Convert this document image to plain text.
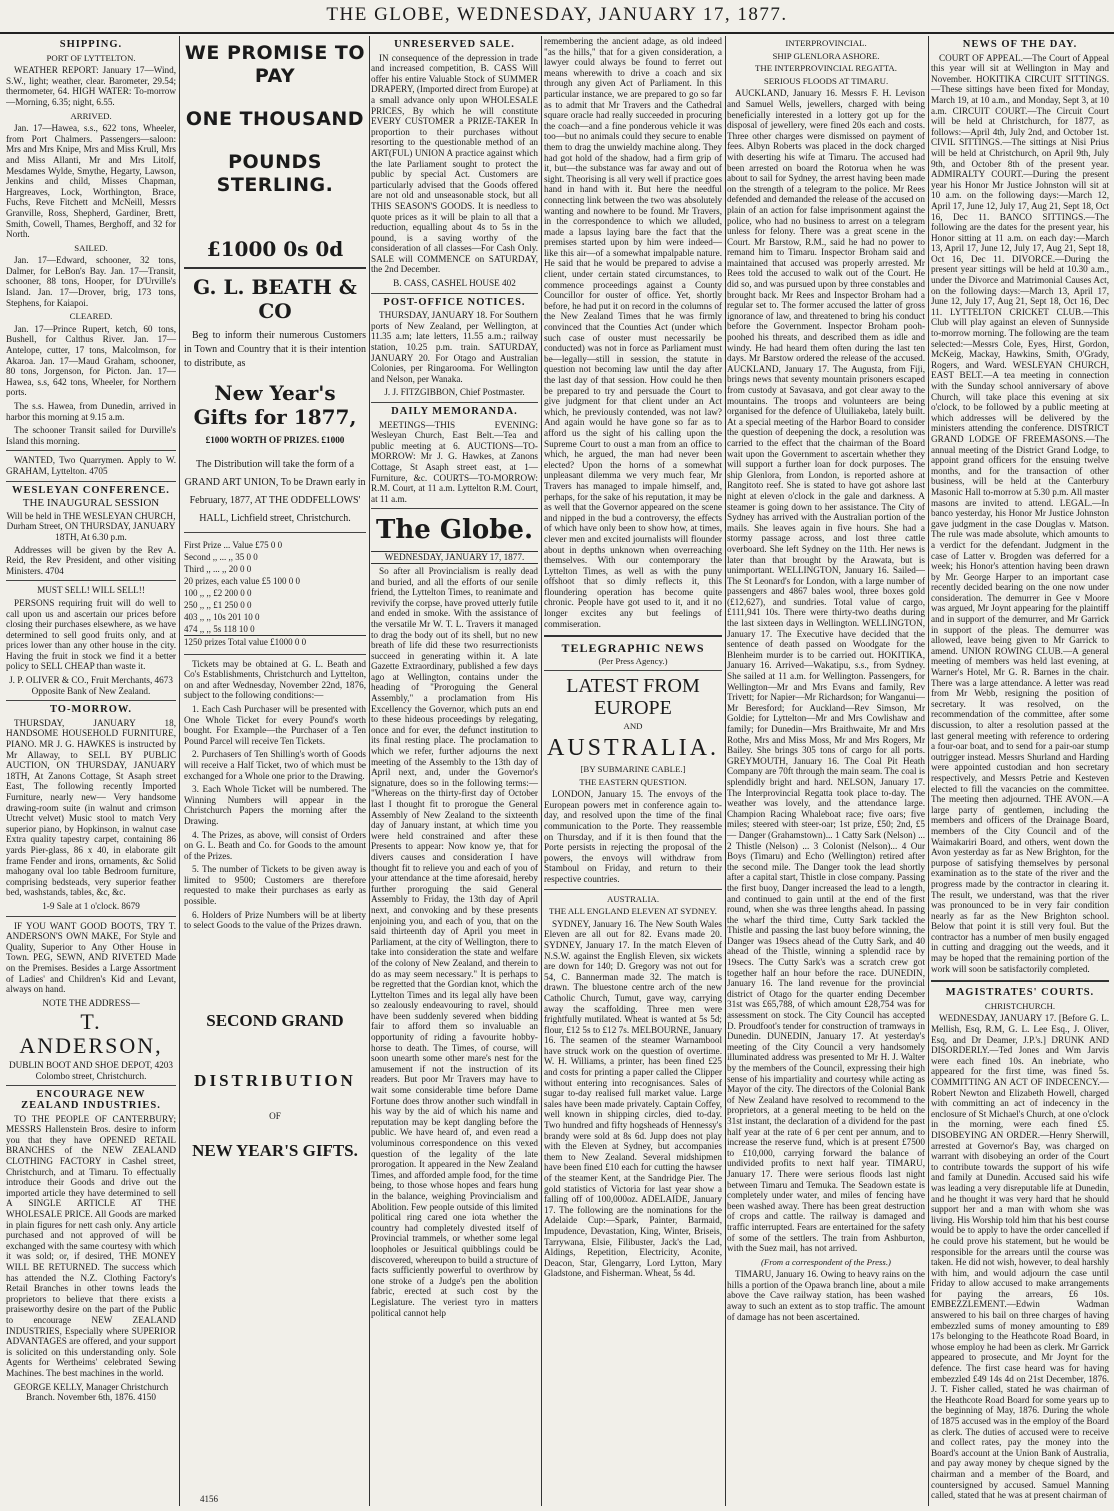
THE GLOBE, WEDNESDAY, JANUARY 17, 1877.
SHIPPING.
PORT OF LYTTELTON.

WEATHER REPORT: January 17—Wind, S.W., light; weather, clear. Barometer, 29.54; thermometer, 64. HIGH WATER: To-morrow—Morning, 6.35; night, 6.55.

ARRIVED.

Jan. 17—Hawea, s.s., 622 tons, Wheeler, from Port Chalmers. Passengers—saloon: Mrs and Mrs Knipe, Mrs and Miss Krull, Mrs and Miss Allanti, Mr and Mrs Litolf, Mesdames Wylde, Smythe, Hegarty, Lawson, Jenkins and child, Misses Chapman, Hargreaves, Lock, Worthington, Brace, Fuchs, Reve Fitchett and McNeill, Messrs Granville, Ross, Shepherd, Gardiner, Brett, Smith, Cowell, Thames, Berghoff, and 32 for North.

SAILED.

Jan. 17—Edward, schooner, 32 tons, Dalmer, for LeBon's Bay. Jan. 17—Transit, schooner, 88 tons, Hooper, for D'Urville's Island. Jan. 17—Drover, brig, 173 tons, Stephens, for Kaiapoi.

CLEARED.

Jan. 17—Prince Rupert, ketch, 60 tons, Bushell, for Calthus River. Jan. 17—Antelope, cutter, 17 tons, Malcolmson, for Akaroa. Jan. 17—Maud Graham, schooner, 80 tons, Jorgenson, for Picton. Jan. 17—Hawea, s.s, 642 tons, Wheeler, for Northern ports.

The s.s. Hawea, from Dunedin, arrived in harbor this morning at 9.15 a.m.

The schooner Transit sailed for Durville's Island this morning.

WANTED, Two Quarrymen. Apply to W. GRAHAM, Lyttelton. 4705

WESLEYAN CONFERENCE.
THE INAUGURAL SESSION
Will be held in THE WESLEYAN CHURCH, Durham Street, ON THURSDAY, JANUARY 18TH, At 6.30 p.m.

Addresses will be given by the Rev A. Reid, the Rev President, and other visiting Ministers. 4704

MUST SELL! WILL SELL!!

PERSONS requiring fruit will do well to call upon us and ascertain our prices before closing their purchases elsewhere, as we have determined to sell good fruits only, and at prices lower than any other house in the city. Having the fruit in stock we find it a better policy to SELL CHEAP than waste it.

J. P. OLIVER & CO., Fruit Merchants, 4673 Opposite Bank of New Zealand.
TO-MORROW.

THURSDAY, JANUARY 18, HANDSOME HOUSEHOLD FURNITURE, PIANO. MR J. G. HAWKES is instructed by Mr Allaway, to SELL BY PUBLIC AUCTION, ON THURSDAY, JANUARY 18TH, At Zanons Cottage, St Asaph street East, The following recently Imported Furniture, nearly new— Very handsome drawing-room suite (in walnut and crimson Utrecht velvet) Music stool to match Very superior piano, by Hopkinson, in walnut case Extra quality tapestry carpet, containing 86 yards Pier-glass, 86 x 40, in elaborate gilt frame Fender and irons, ornaments, &c Solid mahogany oval loo table Bedroom furniture, comprising bedsteads, very superior feather bed, washstands, tables, &c, &c.

1-9 Sale at 1 o'clock. 8679

IF YOU WANT GOOD BOOTS, TRY T. ANDERSON'S OWN MAKE, For Style and Quality, Superior to Any Other House in Town. PEG, SEWN, AND RIVETED Made on the Premises. Besides a Large Assortment of Ladies' and Children's Kid and Levant, always on hand.

NOTE THE ADDRESS—
T. ANDERSON,
DUBLIN BOOT AND SHOE DEPOT, 4203 Colombo street, Christchurch.
ENCOURAGE NEW ZEALAND INDUSTRIES.

TO THE PEOPLE OF CANTERBURY; MESSRS Hallenstein Bros. desire to inform you that they have OPENED RETAIL BRANCHES of the NEW ZEALAND CLOTHING FACTORY in Cashel street, Christchurch, and at Timaru. To effectually introduce their Goods and drive out the imported article they have determined to sell A SINGLE ARTICLE AT THE WHOLESALE PRICE. All Goods are marked in plain figures for nett cash only. Any article purchased and not approved of will be exchanged with the same courtesy with which it was sold; or, if desired, THE MONEY WILL BE RETURNED. The success which has attended the N.Z. Clothing Factory's Retail Branches in other towns leads the proprietors to believe that there exists a praiseworthy desire on the part of the Public to encourage NEW ZEALAND INDUSTRIES, Especially where SUPERIOR ADVANTAGES are offered, and your support is solicited on this understanding only. Sole Agents for Wertheims' celebrated Sewing Machines. The best machines in the world.

GEORGE KELLY, Manager Christchurch Branch. November 6th, 1876. 4150
WE PROMISE TO PAY
ONE THOUSAND
POUNDS STERLING.
£1000 0s 0d
G. L. BEATH & CO

Beg to inform their numerous Customers in Town and Country that it is their intention to distribute, as

New Year's Gifts for 1877,
£1000 WORTH OF PRIZES. £1000
The Distribution will take the form of a GRAND ART UNION, To be Drawn early in February, 1877, AT THE ODDFELLOWS' HALL, Lichfield street, Christchurch.
First Prize ... Value £75 0 0
Second ,, ... ,, 35 0 0
Third ,, ... ,, 20 0 0
20 prizes, each value £5 100 0 0
100 ,, ,, £2 200 0 0
250 ,, ,, £1 250 0 0
403 ,, ,, 10s 201 10 0
474 ,, ,, 5s 118 10 0
1250 prizes Total value £1000 0 0

Tickets may be obtained at G. L. Beath and Co's Establishments, Christchurch and Lyttelton, on and after Wednesday, November 22nd, 1876, subject to the following conditions:—

1. Each Cash Purchaser will be presented with One Whole Ticket for every Pound's worth bought. For Example—the Purchaser of a Ten Pound Parcel will receive Ten Tickets.

2. Purchasers of Ten Shilling's worth of Goods will receive a Half Ticket, two of which must be exchanged for a Whole one prior to the Drawing.

3. Each Whole Ticket will be numbered. The Winning Numbers will appear in the Christchurch Papers the morning after the Drawing.

4. The Prizes, as above, will consist of Orders on G. L. Beath and Co. for Goods to the amount of the Prizes.

5. The number of Tickets to be given away is limited to 9500; Customers are therefore requested to make their purchases as early as possible.

6. Holders of Prize Numbers will be at liberty to select Goods to the value of the Prizes drawn.

SECOND GRAND
DISTRIBUTION
OF
NEW YEAR'S GIFTS.
UNRESERVED SALE.

IN consequence of the depression in trade and increased competition, B. CASS Will offer his entire Valuable Stock of SUMMER DRAPERY, (Imported direct from Europe) at a small advance only upon WHOLESALE PRICES, By which he will constitute EVERY CUSTOMER a PRIZE-TAKER In proportion to their purchases without resorting to the questionable method of an ART(FUL) UNION A practice against which the late Parliament sought to protect the public by special Act. Customers are particularly advised that the Goods offered are not old and unseasonable stock, but all THIS SEASON'S GOODS. It is needless to quote prices as it will be plain to all that a reduction, equalling about 4s to 5s in the pound, is a saving worthy of the consideration of all classes—For Cash Only. SALE will COMMENCE on SATURDAY, the 2nd December.

B. CASS, CASHEL HOUSE 402
POST-OFFICE NOTICES.

THURSDAY, JANUARY 18. For Southern ports of New Zealand, per Wellington, at 11.35 a.m; late letters, 11.55 a.m.; railway station, 10.25 p.m. train. SATURDAY, JANUARY 20. For Otago and Australian Colonies, per Ringarooma. For Wellington and Nelson, per Wanaka.

J. J. FITZGIBBON, Chief Postmaster.
DAILY MEMORANDA.

MEETINGS—THIS EVENING: Wesleyan Church, East Belt.—Tea and public meeting at 6. AUCTIONS—TO-MORROW: Mr J. G. Hawkes, at Zanons Cottage, St Asaph street east, at 1—Furniture, &c. COURTS—TO-MORROW: R.M. Court, at 11 a.m. Lyttelton R.M. Court, at 11 a.m.

The Globe.
WEDNESDAY, JANUARY 17, 1877.

So after all Provincialism is really dead and buried, and all the efforts of our senile friend, the Lyttelton Times, to reanimate and revivify the corpse, have proved utterly futile and ended in smoke. With the assistance of the versatile Mr W. T. L. Travers it managed to drag the body out of its shell, but no new breath of life did these two resurrectionists succeed in generating within it. A late Gazette Extraordinary, published a few days ago at Wellington, contains under the heading of "Proroguing the General Assembly," a proclamation from His Excellency the Governor, which puts an end to these hideous proceedings by relegating, once and for ever, the defunct institution to its final resting place. The proclamation to which we refer, further adjourns the next meeting of the Assembly to the 13th day of April next, and, under the Governor's signature, does so in the following terms:— "Whereas on the thirty-first day of October last I thought fit to prorogue the General Assembly of New Zealand to the sixteenth day of January instant, at which time you were held constrained and after these Presents to appear: Now know ye, that for divers causes and consideration I have thought fit to relieve you and each of you of your attendance at the time aforesaid, hereby further proroguing the said General Assembly to Friday, the 13th day of April next, and convoking and by these presents enjoining you, and each of you, that on the said thirteenth day of April you meet in Parliament, at the city of Wellington, there to take into consideration the state and welfare of the colony of New Zealand, and therein to do as may seem necessary." It is perhaps to be regretted that the Gordian knot, which the Lyttelton Times and its legal ally have been so zealously endeavouring to ravel, should have been suddenly severed when bidding fair to afford them so invaluable an opportunity of riding a favourite hobby-horse to death. The Times, of course, will soon unearth some other mare's nest for the amusement if not the instruction of its readers. But poor Mr Travers may have to wait some considerable time before Dame Fortune does throw another such windfall in his way by the aid of which his name and reputation may be kept dangling before the public. We have heard of, and even read a voluminous correspondence on this vexed question of the legality of the late prorogation. It appeared in the New Zealand Times, and afforded ample food, for the time being, to those whose hopes and fears hung in the balance, weighing Provincialism and Abolition. Few people outside of this limited political ring cared one iota whether the country had completely divested itself of Provincial trammels, or whether some legal loopholes or Jesuitical quibblings could be discovered, whereupon to build a structure of facts sufficiently powerful to overthrow by one stroke of a Judge's pen the abolition fabric, erected at such cost by the Legislature. The veriest tyro in matters political cannot help

remembering the ancient adage, as old indeed "as the hills," that for a given consideration, a lawyer could always be found to ferret out means wherewith to drive a coach and six through any given Act of Parliament. In this particular instance, we are prepared to go so far as to admit that Mr Travers and the Cathedral square oracle had really succeeded in procuring the coach—and a fine ponderous vehicle it was too—but no animals could they secure to enable them to drag the unwieldy machine along. They had got hold of the shadow, had a firm grip of it, but—the substance was far away and out of sight. Theorising is all very well if practice goes hand in hand with it. But here the needful connecting link between the two was absolutely wanting and nowhere to be found. Mr Travers, in the correspondence to which we alluded, made a lapsus laying bare the fact that the premises started upon by him were indeed—like this air—of a somewhat impalpable nature. He said that he would be prepared to advise a client, under certain stated circumstances, to commence proceedings against a County Councillor for ouster of office. Yet, shortly before, he had put it on record in the columns of the New Zealand Times that he was firmly convinced that the Counties Act (under which such case of ouster must necessarily be conducted) was not in force as Parliament must be—legally—still in session, the statute in question not becoming law until the day after the last day of that session. How could he then be prepared to try and persuade the Court to give judgment for that client under an Act which, he previously contended, was not law? And again would he have gone so far as to afford us the sight of his calling upon the Supreme Court to oust a man from an office to which, he argued, the man had never been elected? Upon the horns of a somewhat unpleasant dilemma we very much fear, Mr Travers has managed to impale himself, and, perhaps, for the sake of his reputation, it may be as well that the Governor appeared on the scene and nipped in the bud a controversy, the effects of which have only been to show how, at times, clever men and excited journalists will flounder about in depths unknown when overreaching themselves. With our contemporary the Lyttelton Times, as well as with the puny offshoot that so dimly reflects it, this floundering operation has become quite chronic. People have got used to it, and it no longer excites any but feelings of commiseration.

TELEGRAPHIC NEWS
(Per Press Agency.)
LATEST FROM EUROPE
AND
AUSTRALIA.
[BY SUBMARINE CABLE.]
THE EASTERN QUESTION.

LONDON, January 15. The envoys of the European powers met in conference again to-day, and resolved upon the time of the final communication to the Porte. They reassemble on Thursday, and if it is then found that the Porte persists in rejecting the proposal of the powers, the envoys will withdraw from Stamboul on Friday, and return to their respective countries.

AUSTRALIA.
THE ALL ENGLAND ELEVEN AT SYDNEY.

SYDNEY, January 16. The New South Wales Eleven are all out for 82. Evans made 20. SYDNEY, January 17. In the match Eleven of N.S.W. against the English Eleven, six wickets are down for 140; D. Gregory was not out for 54, C. Bannerman made 32. The match is drawn. The bluestone centre arch of the new Catholic Church, Tumut, gave way, carrying away the scaffolding. Three men were frightfully mutilated. Wheat is wanted at 5s 5d; flour, £12 5s to £12 7s. MELBOURNE, January 16. The seamen of the steamer Warnambool have struck work on the question of overtime. W. H. Williams, a printer, has been fined £25 and costs for printing a paper called the Clipper without entering into recognisances. Sales of sugar to-day realised full market value. Large sales have been made privately. Captain Coffey, well known in shipping circles, died to-day. Two hundred and fifty hogsheads of Hennessy's brandy were sold at 8s 6d. Jupp does not play with the Eleven at Sydney, but accompanies them to New Zealand. Several midshipmen have been fined £10 each for cutting the hawser of the steamer Kent, at the Sandridge Pier. The gold statistics of Victoria for last year show a falling off of 100,000oz. ADELAIDE, January 17. The following are the nominations for the Adelaide Cup:—Spark, Painter, Barmaid, Impudence, Devastation, King, Winter, Briseis, Tarrywana, Elsie, Filibuster, Jack's the Lad, Aldings, Repetition, Electricity, Aconite, Deacon, Star, Glengarry, Lord Lytton, Mary Gladstone, and Fisherman. Wheat, 5s 4d.

INTERPROVINCIAL.
SHIP GLENLORA ASHORE.
THE INTERPROVINCIAL REGATTA.
SERIOUS FLOODS AT TIMARU.

AUCKLAND, January 16. Messrs F. H. Levison and Samuel Wells, jewellers, charged with being beneficially interested in a lottery got up for the disposal of jewellery, were fined 20s each and costs. Three other charges were dismissed on payment of fees. Albyn Roberts was placed in the dock charged with deserting his wife at Timaru. The accused had been arrested on board the Rotorua when he was about to sail for Sydney, the arrest having been made on the strength of a telegram to the police. Mr Rees defended and demanded the release of the accused on plain of an action for false imprisonment against the police, who had no business to arrest on a telegram unless for felony. There was a great scene in the Court. Mr Barstow, R.M., said he had no power to remand him to Timaru. Inspector Broham said and maintained that accused was properly arrested. Mr Rees told the accused to walk out of the Court. He did so, and was pursued upon by three constables and brought back. Mr Rees and Inspector Broham had a regular set to. The former accused the latter of gross ignorance of law, and threatened to bring his conduct before the Government. Inspector Broham pooh-poohed his threats, and described them as idle and windy. He had heard them often during the last ten days. Mr Barstow ordered the release of the accused. AUCKLAND, January 17. The Augusta, from Fiji, brings news that seventy mountain prisoners escaped from custody at Savasava, and got clear away to the mountains. The troops and volunteers are being organised for the defence of Uluiliakeba, lately built. At a special meeting of the Harbor Board to consider the question of deepening the dock, a resolution was carried to the effect that the chairman of the Board wait upon the Government to ascertain whether they will support a further loan for dock purposes. The ship Glenlora, from London, is reported ashore at Rangitoto reef. She is stated to have got ashore last night at eleven o'clock in the gale and darkness. A steamer is going down to her assistance. The City of Sydney has arrived with the Australian portion of the mails. She leaves again in five hours. She had a stormy passage across, and lost three cattle overboard. She left Sydney on the 11th. Her news is later than that brought by the Arawata, but is unimportant. WELLINGTON, January 16. Sailed—The St Leonard's for London, with a large number of passengers and 4867 bales wool, three boxes gold (£12,627), and sundries. Total value of cargo, £111,941 10s. There were thirty-two deaths during the last sixteen days in Wellington. WELLINGTON, January 17. The Executive have decided that the sentence of death passed on Woodgate for the Blenheim murder is to be carried out. HOKITIKA, January 16. Arrived—Wakatipu, s.s., from Sydney. She sailed at 11 a.m. for Wellington. Passengers, for Wellington—Mr and Mrs Evans and family, Rev Trivett; for Napier—Mr Richardson; for Wanganui—Mr Beresford; for Auckland—Rev Simson, Mr Goldie; for Lyttelton—Mr and Mrs Cowlishaw and family; for Dunedin—Mrs Braithwaite, Mr and Mrs Rothe, Mrs and Miss Moss, Mr and Mrs Rogers, Mr Bailey. She brings 305 tons of cargo for all ports. GREYMOUTH, January 16. The Coal Pit Heath Company are 70ft through the main seam. The coal is splendidly bright and hard. NELSON, January 17. The Interprovincial Regatta took place to-day. The weather was lovely, and the attendance large. Champion Racing Whaleboat race; five oars; five miles; steered with steer-oar; 1st prize, £50; 2nd, £5— Danger (Grahamstown)... 1 Catty Sark (Nelson) ... 2 Thistle (Nelson) ... 3 Colonist (Nelson)... 4 Our Boys (Timaru) and Echo (Wellington) retired after the second mile. The Danger took the lead shortly after a capital start, Thistle in close company. Passing the first buoy, Danger increased the lead to a length, and continued to gain until at the end of the first round, when she was three lengths ahead. In passing the wharf the third time, Cutty Sark tackled the Thistle and passing the last buoy before winning, the Danger was 19secs ahead of the Cutty Sark, and 40 ahead of the Thistle, winning a splendid race by 19secs. The Cutty Sark's was a scratch crew got together half an hour before the race. DUNEDIN, January 16. The land revenue for the provincial district of Otago for the quarter ending December 31st was £65,788, of which amount £28,754 was for assessment on stock. The City Council has accepted D. Proudfoot's tender for construction of tramways in Dunedin. DUNEDIN, January 17. At yesterday's meeting of the City Council a very handsomely illuminated address was presented to Mr H. J. Walter by the members of the Council, expressing their high sense of his impartiality and courtesy while acting as Mayor of the city. The directors of the Colonial Bank of New Zealand have resolved to recommend to the proprietors, at a general meeting to be held on the 31st instant, the declaration of a dividend for the past half year at the rate of 6 per cent per annum, and to increase the reserve fund, which is at present £7500 to £10,000, carrying forward the balance of undivided profits to next half year. TIMARU, January 17. There were serious floods last night between Timaru and Temuka. The Seadown estate is completely under water, and miles of fencing have been washed away. There has been great destruction of crops and cattle. The railway is damaged and traffic interrupted. Fears are entertained for the safety of some of the settlers. The train from Ashburton, with the Suez mail, has not arrived.

(From a correspondent of the Press.)

TIMARU, January 16. Owing to heavy rains on the hills a portion of the Opawa branch line, about a mile above the Cave railway station, has been washed away to such an extent as to stop traffic. The amount of damage has not been ascertained.

NEWS OF THE DAY.

COURT OF APPEAL.—The Court of Appeal this year will sit at Wellington in May and November. HOKITIKA CIRCUIT SITTINGS.—These sittings have been fixed for Monday, March 19, at 10 a.m., and Monday, Sept 3, at 10 a.m. CIRCUIT COURT.—The Circuit Court will be held at Christchurch, for 1877, as follows:—April 4th, July 2nd, and October 1st. CIVIL SITTINGS.—The sittings at Nisi Prius will be held at Christchurch, on April 9th, July 9th, and October 8th of the present year. ADMIRALTY COURT.—During the present year his Honor Mr Justice Johnston will sit at 10 a.m. on the following days:—March 12, April 17, June 12, July 17, Aug 21, Sept 18, Oct 16, Dec 11. BANCO SITTINGS.—The following are the dates for the present year, his Honor sitting at 11 a.m. on each day:—March 13, April 17, June 12, July 17, Aug 21, Sept 18, Oct 16, Dec 11. DIVORCE.—During the present year sittings will be held at 10.30 a.m., under the Divorce and Matrimonial Causes Act, on the following days:—March 13, April 17, June 12, July 17, Aug 21, Sept 18, Oct 16, Dec 11. LYTTELTON CRICKET CLUB.—This Club will play against an eleven of Sunnyside to-morrow morning. The following are the team selected:—Messrs Cole, Eyes, Hirst, Gordon, McKeig, Mackay, Hawkins, Smith, O'Grady, Rogers, and Ward. WESLEYAN CHURCH, EAST BELT.—A tea meeting in connection with the Sunday school anniversary of above Church, will take place this evening at six o'clock, to be followed by a public meeting at which addresses will be delivered by the ministers attending the conference. DISTRICT GRAND LODGE OF FREEMASONS.—The annual meeting of the District Grand Lodge, to appoint grand officers for the ensuing twelve months, and for the transaction of other business, will be held at the Canterbury Masonic Hall to-morrow at 5.30 p.m. All master masons are invited to attend. LEGAL.—In banco yesterday, his Honor Mr Justice Johnston gave judgment in the case Douglas v. Matson. The rule was made absolute, which amounts to a verdict for the defendant. Judgment in the case of Latter v. Brogden was deferred for a week; his Honor's attention having been drawn by Mr. George Harper to an important case recently decided bearing on the one now under consideration. The demurrer in Gee v Moore was argued, Mr Joynt appearing for the plaintiff and in support of the demurrer, and Mr Garrick in support of the pleas. The demurrer was allowed, leave being given to Mr Garrick to amend. UNION ROWING CLUB.—A general meeting of members was held last evening, at Warner's Hotel, Mr G. R. Barnes in the chair. There was a large attendance. A letter was read from Mr Webb, resigning the position of secretary. It was resolved, on the recommendation of the committee, after some discussion, to alter a resolution passed at the last general meeting with reference to ordering a four-oar boat, and to send for a pair-oar stump outrigger instead. Messrs Shurland and Harding were appointed custodian and hon secretary respectively, and Messrs Petrie and Kesteven elected to fill the vacancies on the committee. The meeting then adjourned. THE AVON.—A large party of gentlemen, including the members and officers of the Drainage Board, members of the City Council and of the Waimakariri Board, and others, went down the Avon yesterday as far as New Brighton, for the purpose of satisfying themselves by personal examination as to the state of the river and the progress made by the contractor in clearing it. The result, we understand, was that the river was pronounced to be in very fair condition nearly as far as the New Brighton school. Below that point it is still very foul. But the contractor has a number of men busily engaged in cutting and dragging out the weeds, and it may be hoped that the remaining portion of the work will soon be satisfactorily completed.

MAGISTRATES' COURTS.
CHRISTCHURCH.

WEDNESDAY, JANUARY 17. [Before G. L. Mellish, Esq, R.M, G. L. Lee Esq., J. Oliver, Esq, and Dr Deamer, J.P.'s.] DRUNK AND DISORDERLY.—Ted Jones and Wm Jarvis were each fined 10s. An inebriate, who appeared for the first time, was fined 5s. COMMITTING AN ACT OF INDECENCY.—Robert Newton and Elizabeth Howell, charged with committing an act of indecency in the enclosure of St Michael's Church, at one o'clock in the morning, were each fined £5. DISOBEYING AN ORDER.—Henry Sherwill, arrested at Governor's Bay, was charged on warrant with disobeying an order of the Court to contribute towards the support of his wife and family at Dunedin. Accused said his wife was leading a very disreputable life at Dunedin, and he thought it was very hard that he should support her and a man with whom she was living. His Worship told him that his best course would be to apply to have the order cancelled if he could prove his statement, but he would be responsible for the arrears until the course was taken. He did not wish, however, to deal harshly with him, and would adjourn the case until Friday to allow accused to make arrangements for paying the arrears, £6 10s. EMBEZZLEMENT.—Edwin Wadman answered to his bail on three charges of having embezzled sums of money amounting to £89 17s belonging to the Heathcote Road Board, in whose employ he had been as clerk. Mr Garrick appeared to prosecute, and Mr Joynt for the defence. The first case heard was for having embezzled £49 14s 4d on 21st December, 1876. J. T. Fisher called, stated he was chairman of the Heathcote Road Board for some years up to the beginning of May, 1876. During the whole of 1875 accused was in the employ of the Board as clerk. The duties of accused were to receive and collect rates, pay the money into the Board's account at the Union Bank of Australia, and pay away money by cheque signed by the chairman and a member of the Board, and countersigned by accused. Samuel Manning called, stated that he was at present chairman of

4156
